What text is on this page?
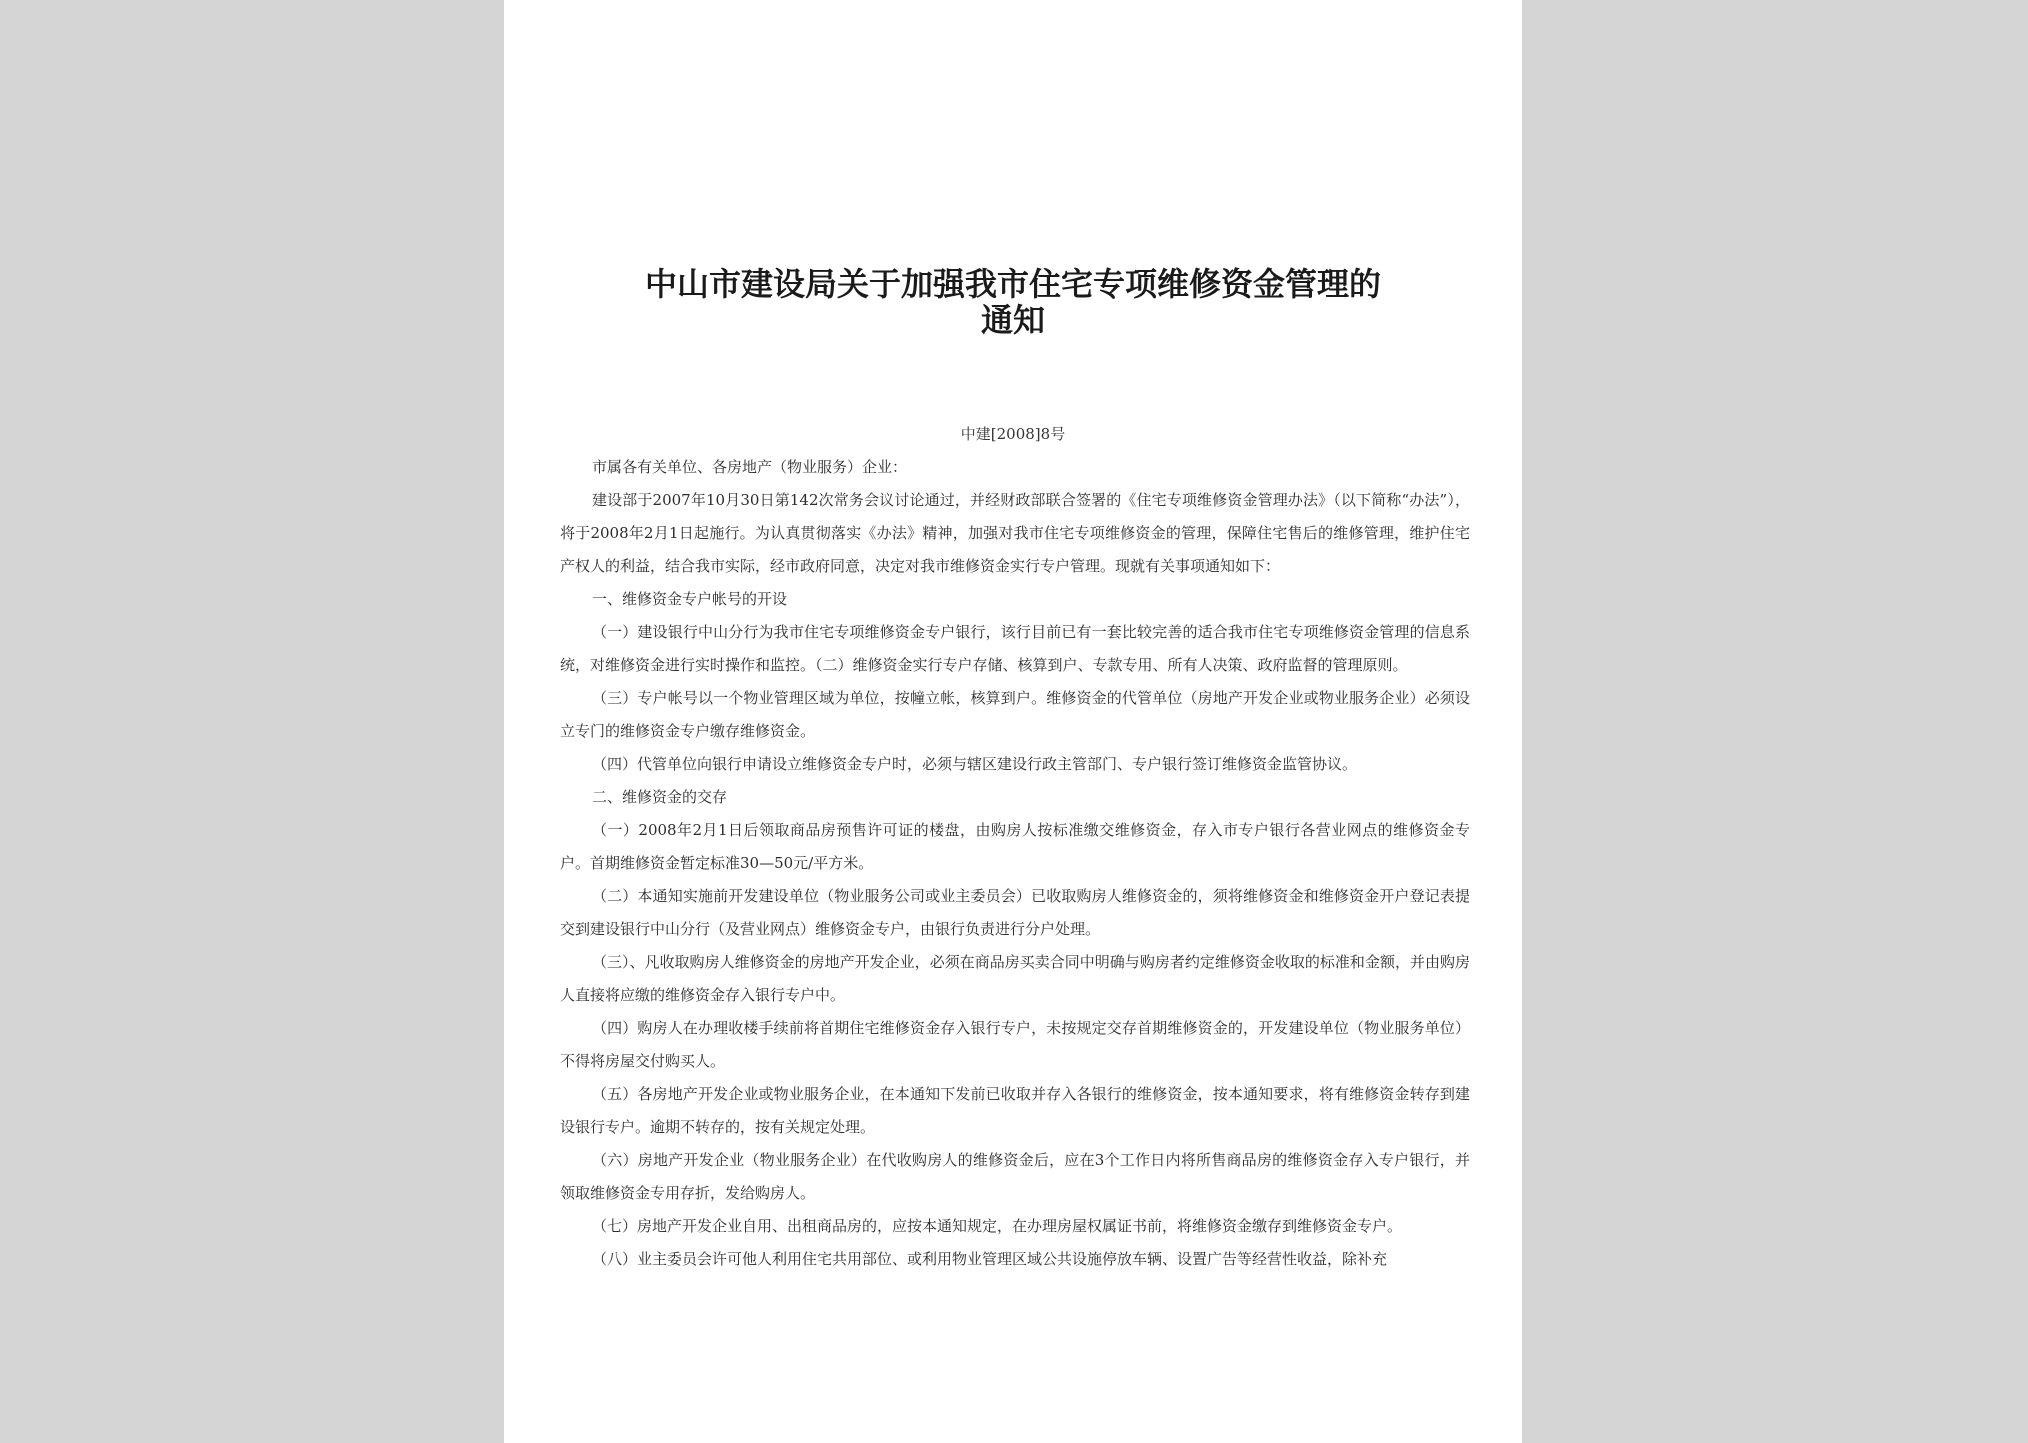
中山市建设局关于加强我市住宅专项维修资金管理的
通知
中建[2008]8号

市属各有关单位、各房地产（物业服务）企业：

建设部于2007年10月30日第142次常务会议讨论通过，并经财政部联合签署的《住宅专项维修资金管理办法》（以下简称“办法”），将于2008年2月1日起施行。为认真贯彻落实《办法》精神，加强对我市住宅专项维修资金的管理，保障住宅售后的维修管理，维护住宅产权人的利益，结合我市实际，经市政府同意，决定对我市维修资金实行专户管理。现就有关事项通知如下：

一、维修资金专户帐号的开设

（一）建设银行中山分行为我市住宅专项维修资金专户银行，该行目前已有一套比较完善的适合我市住宅专项维修资金管理的信息系统，对维修资金进行实时操作和监控。（二）维修资金实行专户存储、核算到户、专款专用、所有人决策、政府监督的管理原则。

（三）专户帐号以一个物业管理区域为单位，按幢立帐，核算到户。维修资金的代管单位（房地产开发企业或物业服务企业）必须设立专门的维修资金专户缴存维修资金。

（四）代管单位向银行申请设立维修资金专户时，必须与辖区建设行政主管部门、专户银行签订维修资金监管协议。

二、维修资金的交存

（一）2008年2月1日后领取商品房预售许可证的楼盘，由购房人按标准缴交维修资金，存入市专户银行各营业网点的维修资金专户。首期维修资金暂定标准30—50元/平方米。

（二）本通知实施前开发建设单位（物业服务公司或业主委员会）已收取购房人维修资金的，须将维修资金和维修资金开户登记表提交到建设银行中山分行（及营业网点）维修资金专户，由银行负责进行分户处理。

（三）、凡收取购房人维修资金的房地产开发企业，必须在商品房买卖合同中明确与购房者约定维修资金收取的标准和金额，并由购房人直接将应缴的维修资金存入银行专户中。

（四）购房人在办理收楼手续前将首期住宅维修资金存入银行专户，未按规定交存首期维修资金的，开发建设单位（物业服务单位）不得将房屋交付购买人。

（五）各房地产开发企业或物业服务企业，在本通知下发前已收取并存入各银行的维修资金，按本通知要求，将有维修资金转存到建设银行专户。逾期不转存的，按有关规定处理。

（六）房地产开发企业（物业服务企业）在代收购房人的维修资金后，应在3个工作日内将所售商品房的维修资金存入专户银行，并领取维修资金专用存折，发给购房人。

（七）房地产开发企业自用、出租商品房的，应按本通知规定，在办理房屋权属证书前，将维修资金缴存到维修资金专户。

（八）业主委员会许可他人利用住宅共用部位、或利用物业管理区域公共设施停放车辆、设置广告等经营性收益，除补充
